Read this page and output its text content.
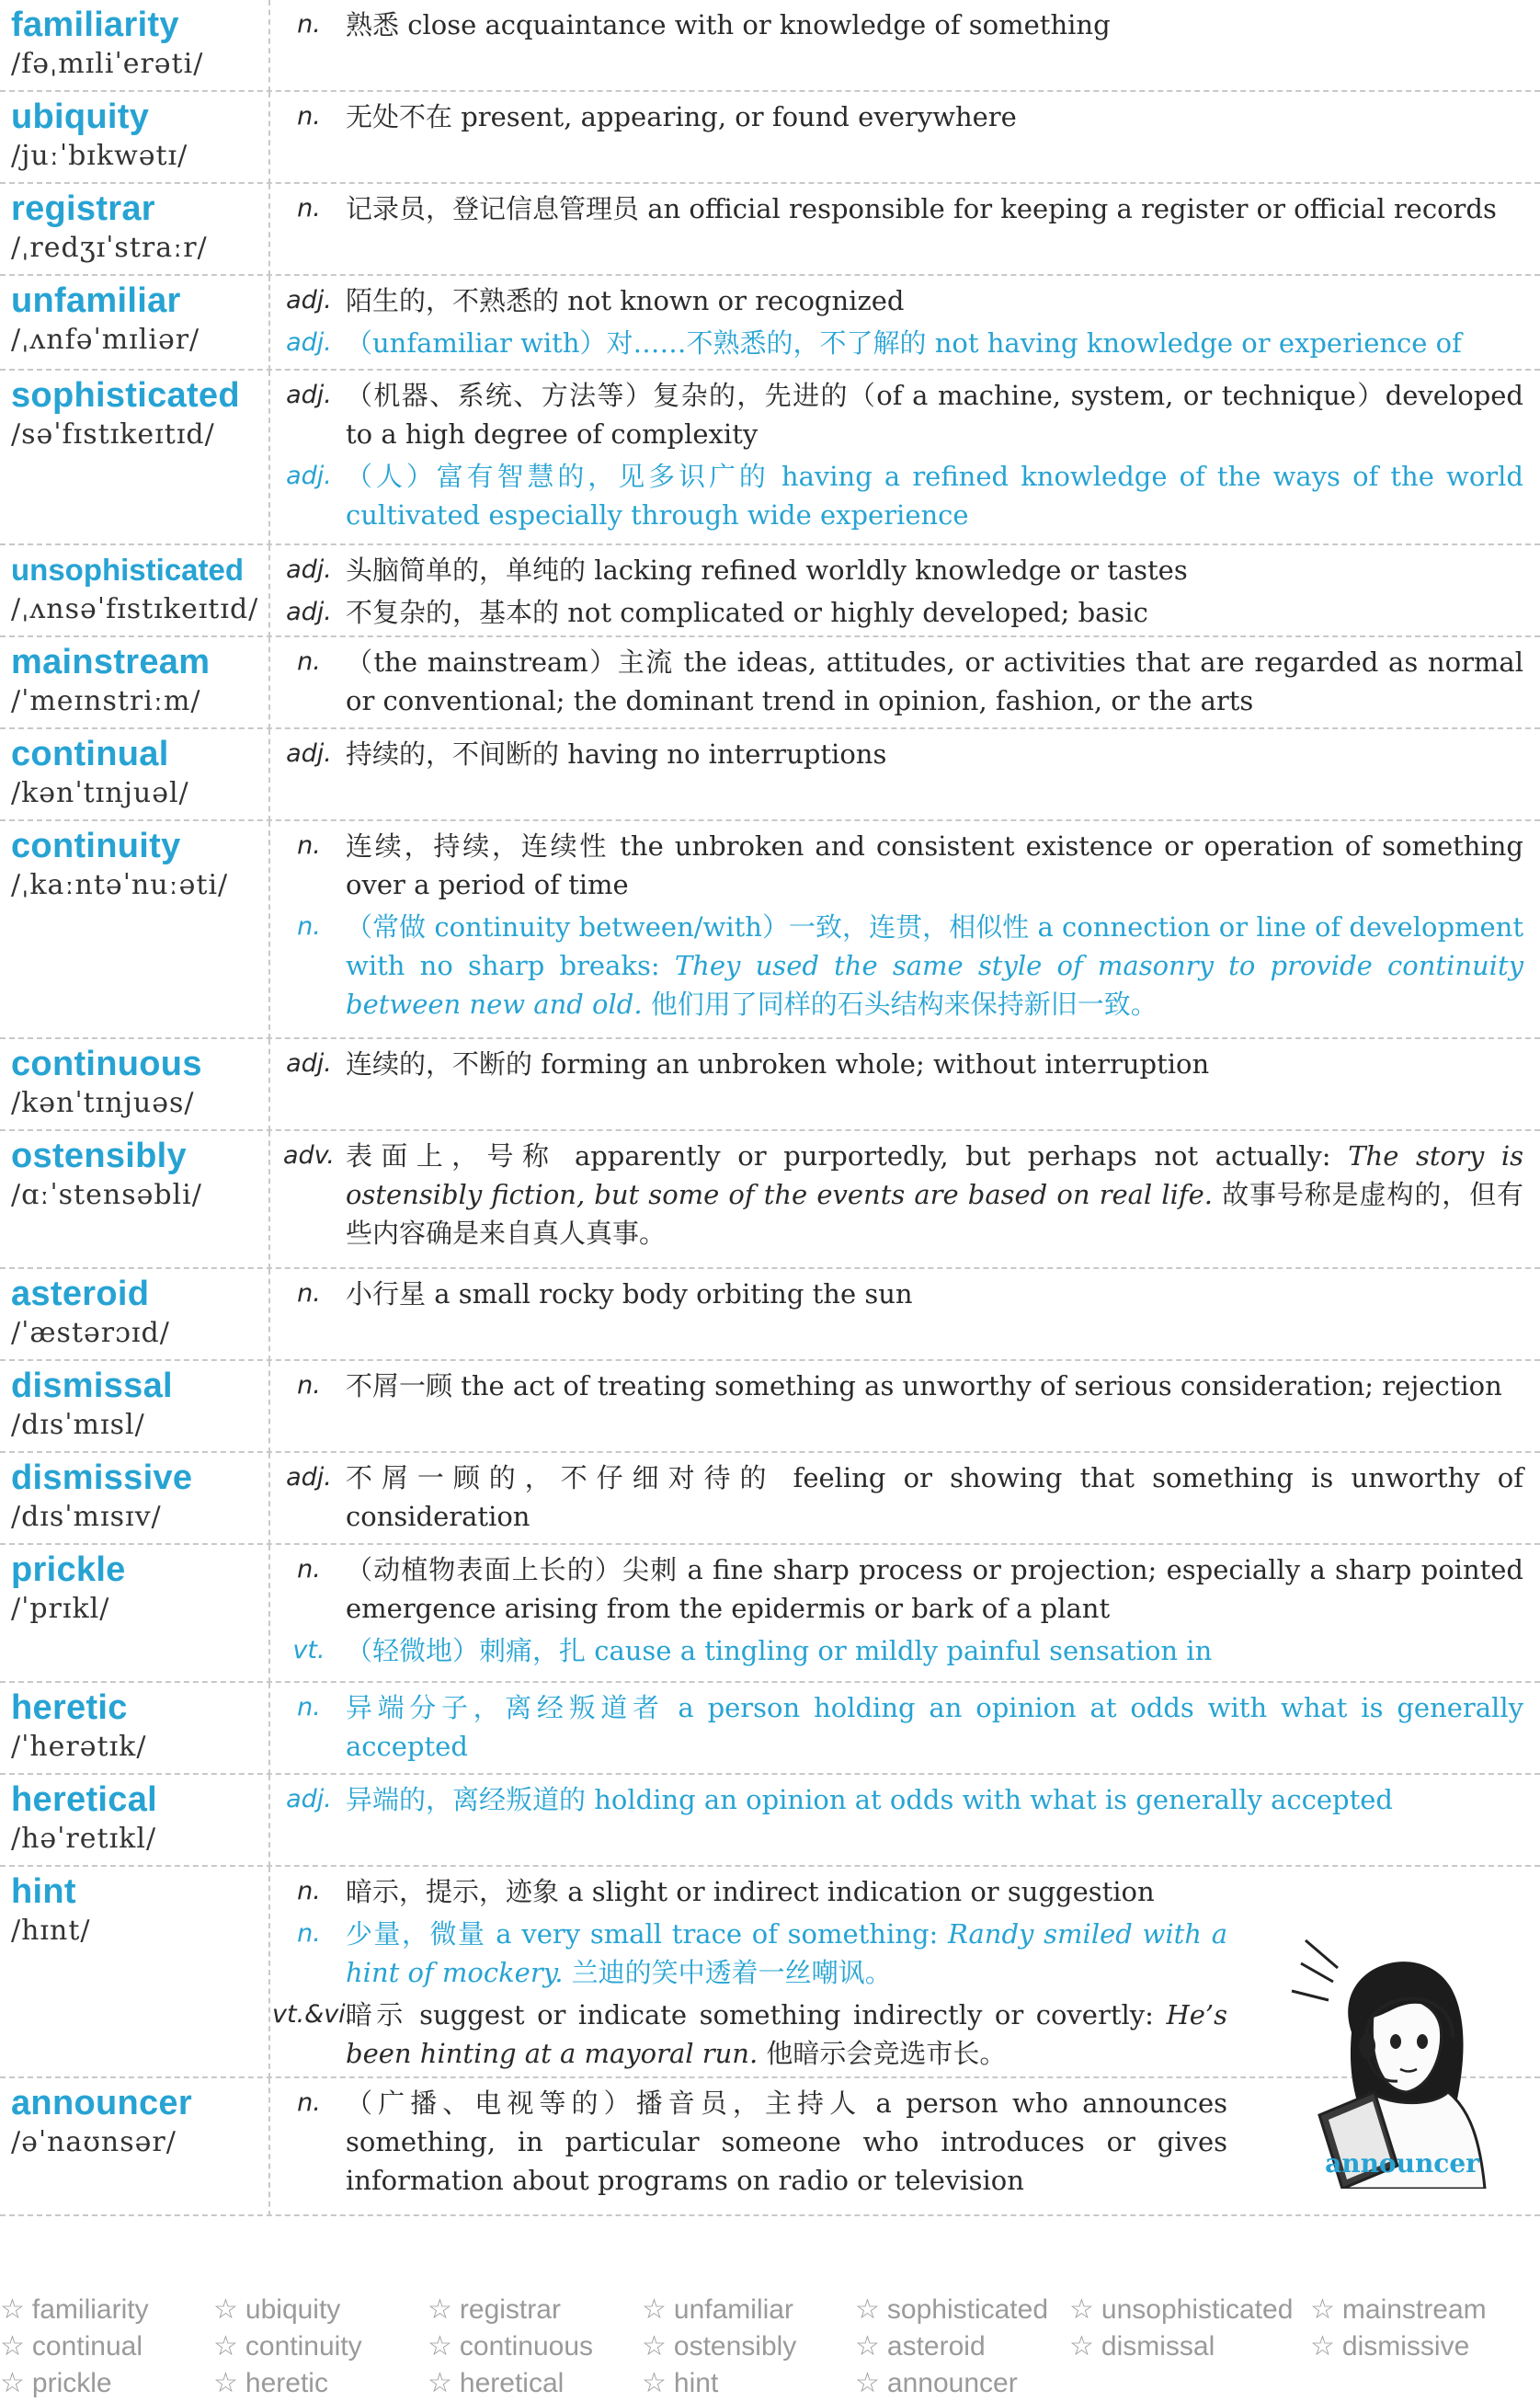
familiarity
/fəˌmɪliˈerəti/
n. 熟悉 close acquaintance with or knowledge of something
ubiquity
/juːˈbɪkwətɪ/
n. 无处不在 present, appearing, or found everywhere
registrar
/ˌredʒɪˈstraːr/
n. 记录员，登记信息管理员 an official responsible for keeping a register or official records
unfamiliar
/ˌʌnfəˈmɪliər/
adj. 陌生的，不熟悉的 not known or recognized
adj. （unfamiliar with）对……不熟悉的，不了解的 not having knowledge or experience of
sophisticated
/səˈfɪstɪkeɪtɪd/
adj. （机器、系统、方法等）复杂的，先进的（of a machine, system, or technique）developed to a high degree of complexity
adj. （人）富有智慧的，见多识广的 having a refined knowledge of the ways of the world cultivated especially through wide experience
unsophisticated
/ˌʌnsəˈfɪstɪkeɪtɪd/
adj. 头脑简单的，单纯的 lacking refined worldly knowledge or tastes
adj. 不复杂的，基本的 not complicated or highly developed; basic
mainstream
/ˈmeɪnstriːm/
n. （the mainstream）主流 the ideas, attitudes, or activities that are regarded as normal or conventional; the dominant trend in opinion, fashion, or the arts
continual
/kənˈtɪnjuəl/
adj. 持续的，不间断的 having no interruptions
continuity
/ˌkaːntəˈnuːəti/
n. 连续，持续，连续性 the unbroken and consistent existence or operation of something over a period of time
n. （常做 continuity between/with）一致，连贯，相似性 a connection or line of development with no sharp breaks: They used the same style of masonry to provide continuity between new and old. 他们用了同样的石头结构来保持新旧一致。
continuous
/kənˈtɪnjuəs/
adj. 连续的，不断的 forming an unbroken whole; without interruption
ostensibly
/ɑːˈstensəbli/
adv. 表面上，号称 apparently or purportedly, but perhaps not actually: The story is ostensibly fiction, but some of the events are based on real life. 故事号称是虚构的，但有些内容确是来自真人真事。
asteroid
/ˈæstərɔɪd/
n. 小行星 a small rocky body orbiting the sun
dismissal
/dɪsˈmɪsl/
n. 不屑一顾 the act of treating something as unworthy of serious consideration; rejection
dismissive
/dɪsˈmɪsɪv/
adj. 不屑一顾的，不仔细对待的 feeling or showing that something is unworthy of consideration
prickle
/ˈprɪkl/
n. （动植物表面上长的）尖刺 a fine sharp process or projection; especially a sharp pointed emergence arising from the epidermis or bark of a plant
vt. （轻微地）刺痛，扎 cause a tingling or mildly painful sensation in
heretic
/ˈherətɪk/
n. 异端分子，离经叛道者 a person holding an opinion at odds with what is generally accepted
heretical
/həˈretɪkl/
adj. 异端的，离经叛道的 holding an opinion at odds with what is generally accepted
hint
/hɪnt/
n. 暗示，提示，迹象 a slight or indirect indication or suggestion
n. 少量，微量 a very small trace of something: Randy smiled with a hint of mockery. 兰迪的笑中透着一丝嘲讽。
vt.&vi.
暗示 suggest or indicate something indirectly or covertly: He’s been hinting at a mayoral run. 他暗示会竞选市长。
announcer
/əˈnaʊnsər/
n. （广播、电视等的）播音员，主持人 a person who announces something, in particular someone who introduces or gives information about programs on radio or television
announcer
☆ familiarity ☆ ubiquity	☆ registrar	☆ unfamiliar ☆ sophisticated ☆ unsophisticated ☆ mainstream
☆ continual	☆ continuity ☆ continuous ☆ ostensibly ☆ asteroid	☆ dismissal	☆ dismissive
☆ prickle	☆ heretic	☆ heretical	☆ hint	☆ announcer
